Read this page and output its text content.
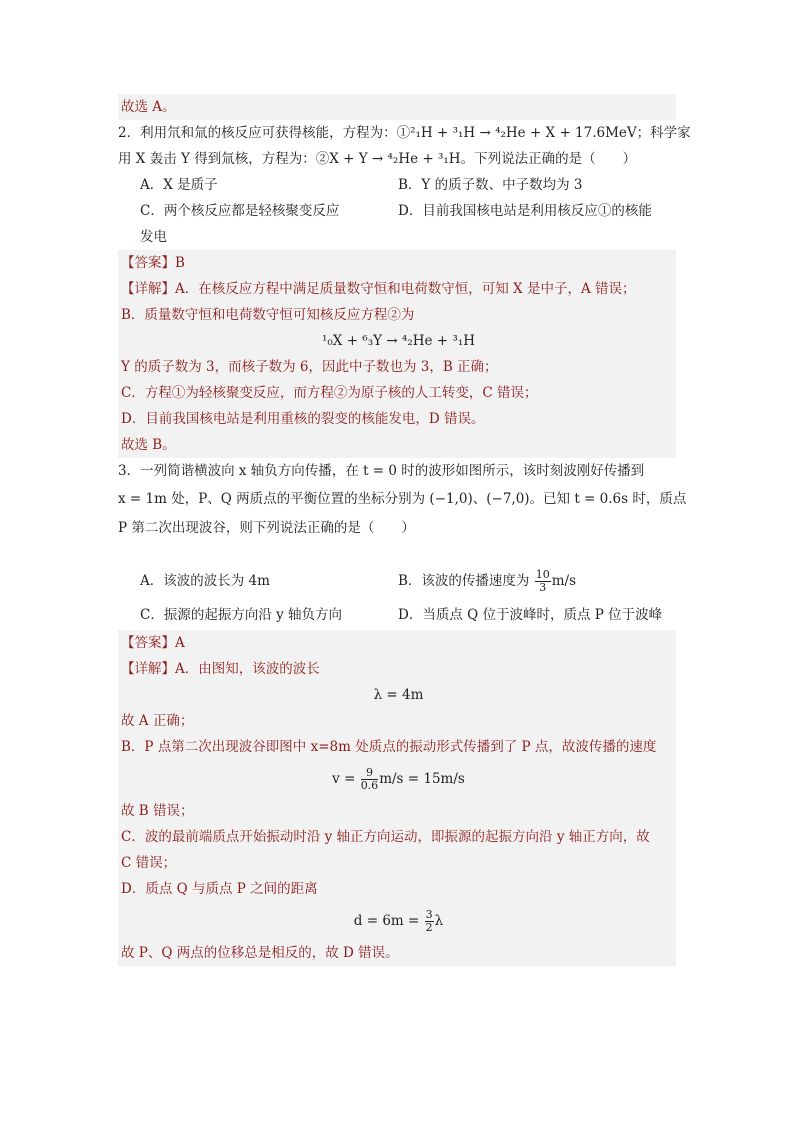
故选 A。
2．利用氘和氚的核反应可获得核能，方程为：①²₁H + ³₁H → ⁴₂He + X + 17.6MeV；科学家
用 X 轰击 Y 得到氚核，方程为：②X + Y → ⁴₂He + ³₁H。下列说法正确的是（　　）
A．X 是质子	B．Y 的质子数、中子数均为 3
C．两个核反应都是轻核聚变反应	D．目前我国核电站是利用核反应①的核能
发电
【答案】B
【详解】A．在核反应方程中满足质量数守恒和电荷数守恒，可知 X 是中子，A 错误；
B．质量数守恒和电荷数守恒可知核反应方程②为
¹₀X + ⁶₃Y → ⁴₂He + ³₁H
Y 的质子数为 3，而核子数为 6，因此中子数也为 3，B 正确；
C．方程①为轻核聚变反应，而方程②为原子核的人工转变，C 错误；
D．目前我国核电站是利用重核的裂变的核能发电，D 错误。
故选 B。
3．一列简谐横波向 x 轴负方向传播，在 t = 0 时的波形如图所示，该时刻波刚好传播到
x = 1m 处，P、Q 两质点的平衡位置的坐标分别为 (−1,0)、(−7,0)。已知 t = 0.6s 时，质点
P 第二次出现波谷，则下列说法正确的是（　　）
A．该波的波长为 4m	B．该波的传播速度为 $\frac{10}{3} m/s$
C．振源的起振方向沿 y 轴负方向	D．当质点 Q 位于波峰时，质点 P 位于波峰
【答案】A
【详解】A．由图知，该波的波长
λ = 4m
故 A 正确；
B．P 点第二次出现波谷即图中 x=8m 处质点的振动形式传播到了 P 点，故波传播的速度
$v = \frac{9}{0.6} m/s = 15m/s$
故 B 错误；
C．波的最前端质点开始振动时沿 y 轴正方向运动，即振源的起振方向沿 y 轴正方向，故
C 错误；
D．质点 Q 与质点 P 之间的距离
$d = 6m = \frac{3}{2}$ λ
故 P、Q 两点的位移总是相反的，故 D 错误。
